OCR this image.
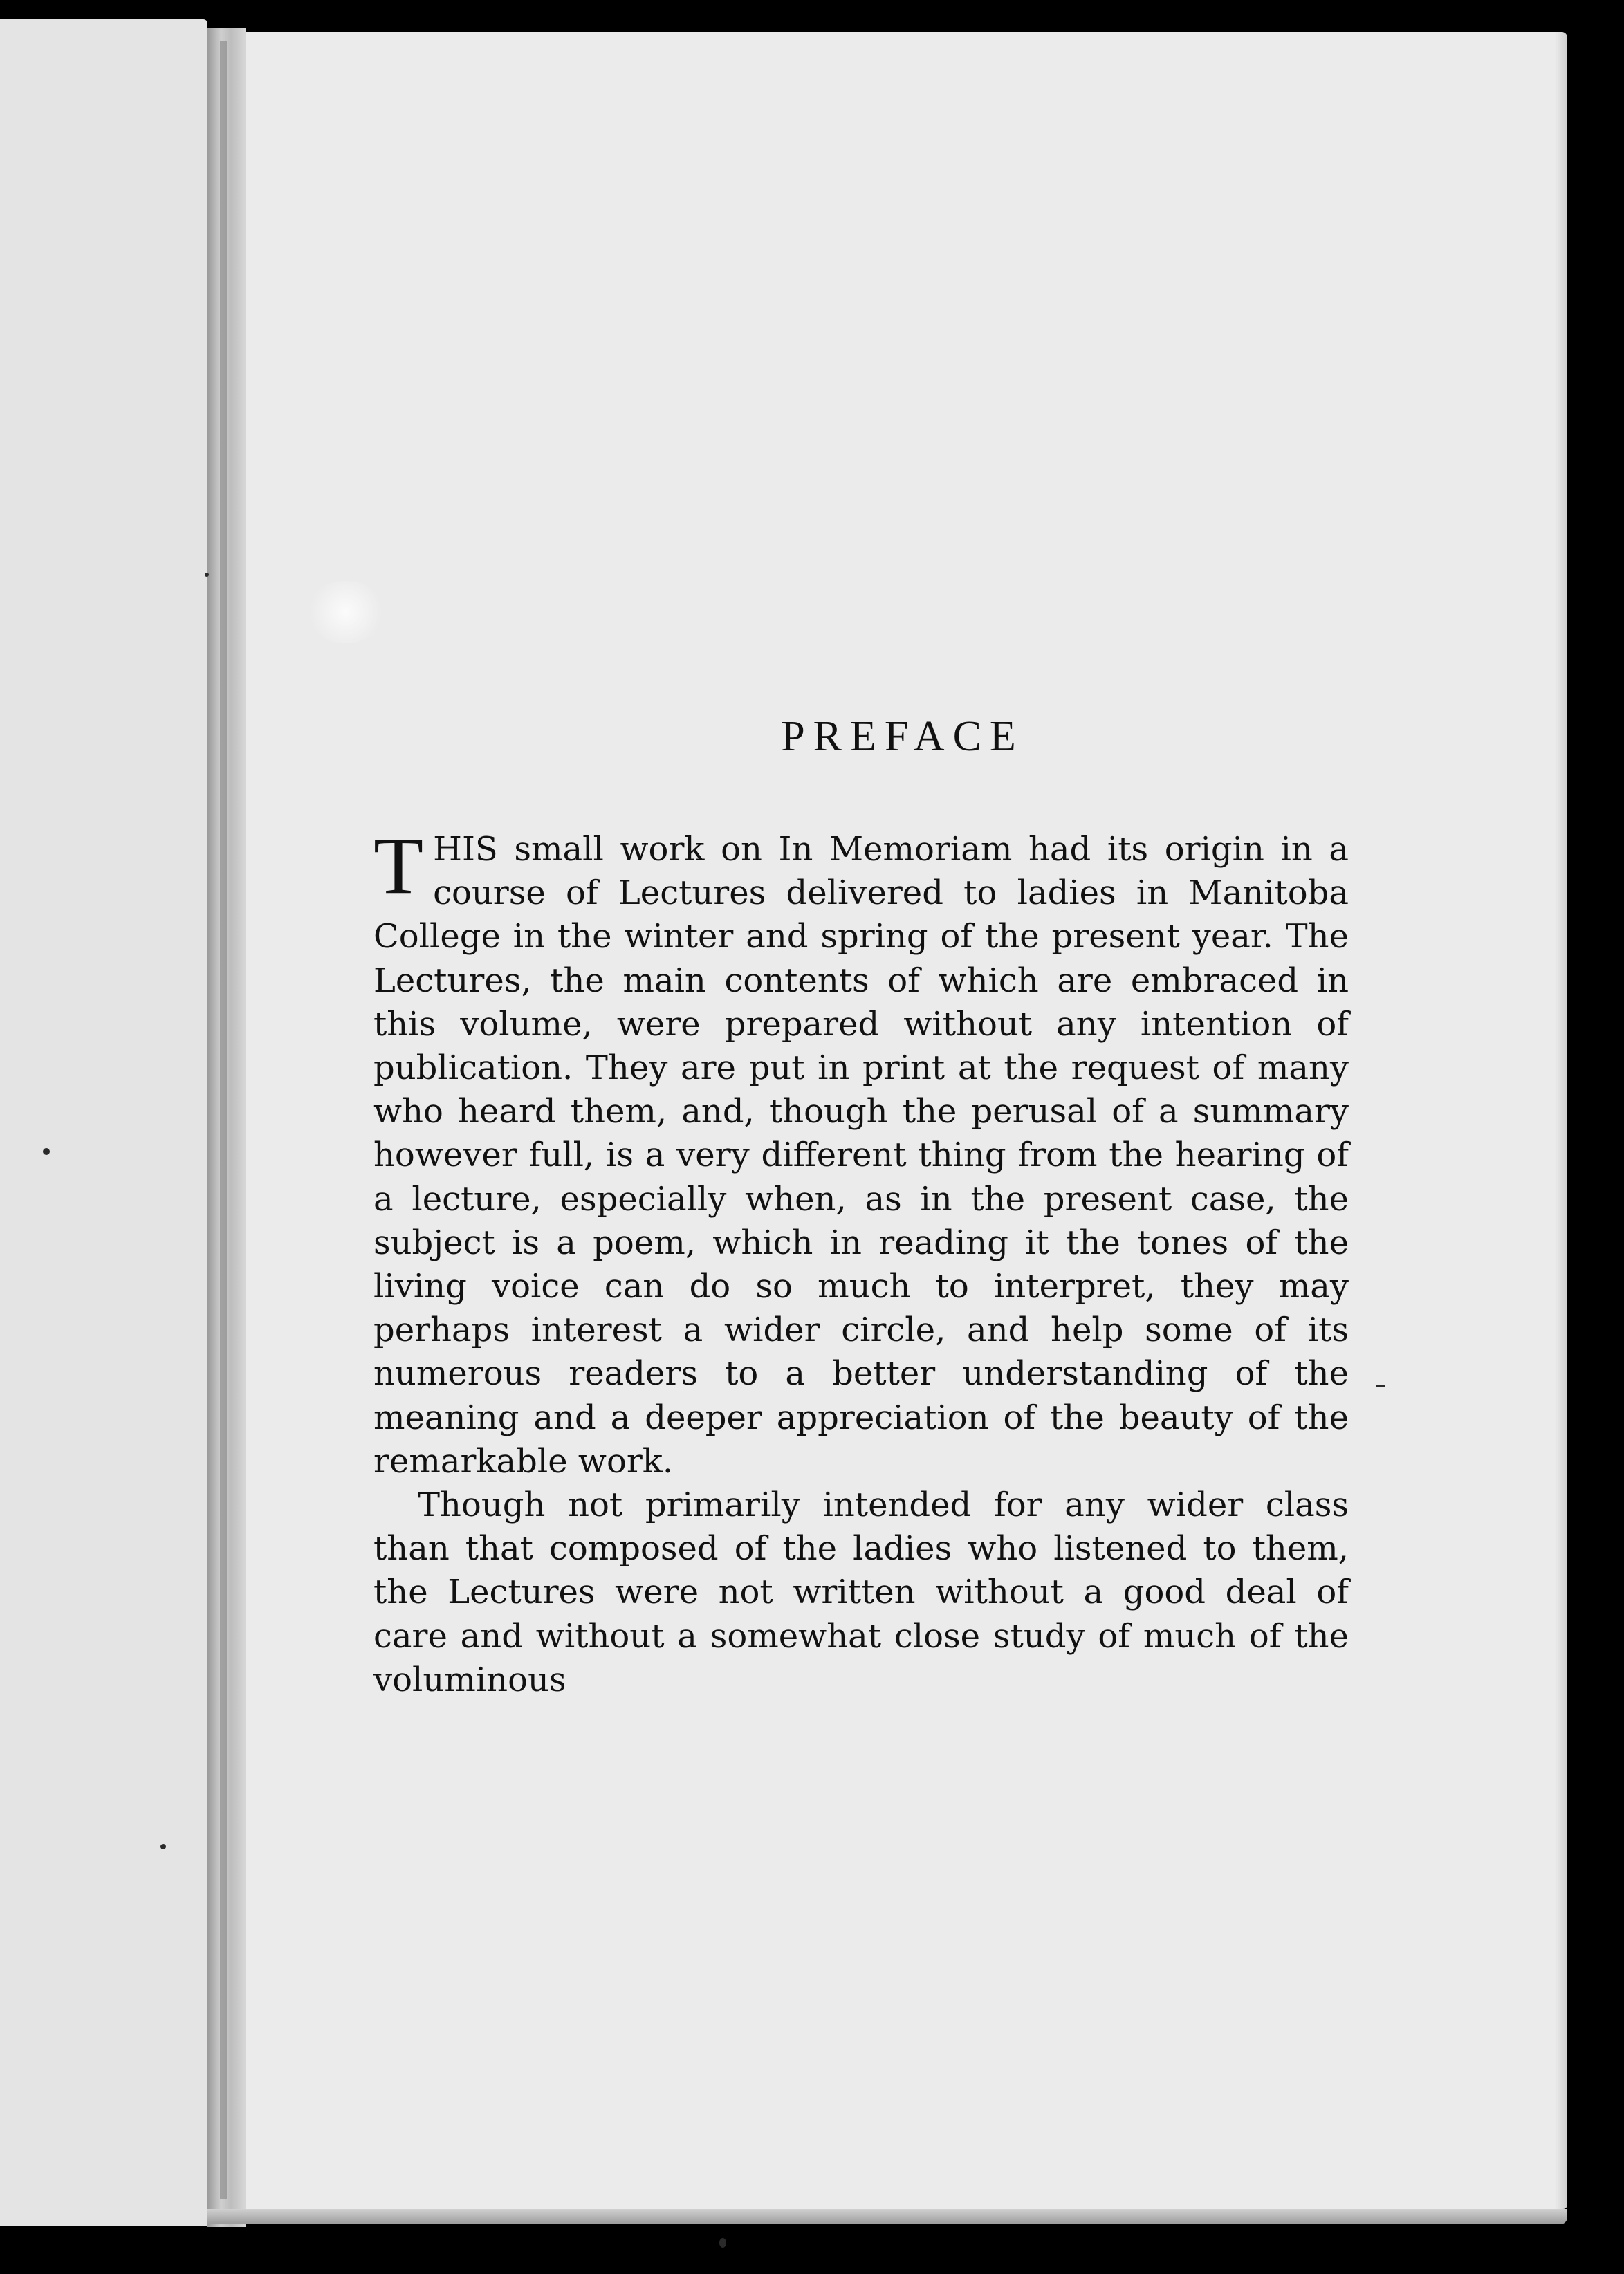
PREFACE

THIS small work on In Memoriam had its origin in a course of Lectures delivered to ladies in Manitoba College in the winter and spring of the present year. The Lectures, the main contents of which are embraced in this volume, were prepared without any intention of publication. They are put in print at the request of many who heard them, and, though the perusal of a summary however full, is a very different thing from the hearing of a lecture, especially when, as in the present case, the subject is a poem, which in reading it the tones of the living voice can do so much to interpret, they may perhaps interest a wider circle, and help some of its numerous readers to a better understanding of the meaning and a deeper appreciation of the beauty of the remarkable work.

Though not primarily intended for any wider class than that composed of the ladies who listened to them, the Lectures were not written without a good deal of care and without a somewhat close study of much of the voluminous
